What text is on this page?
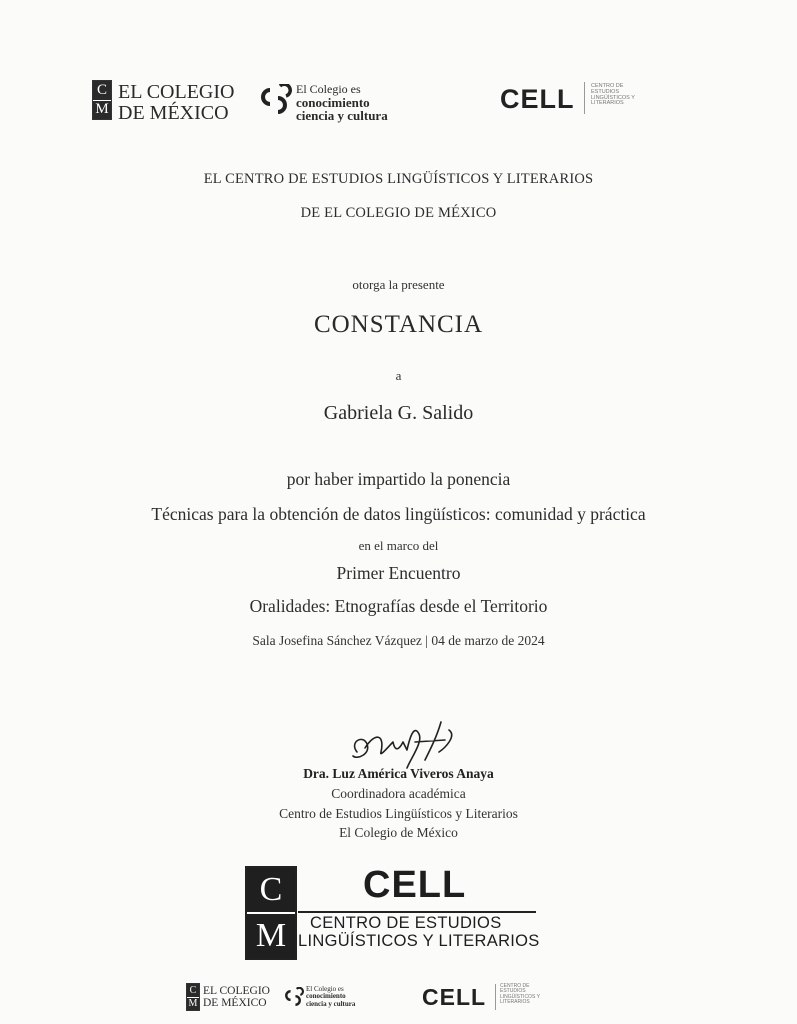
C
M
EL COLEGIO
DE MÉXICO
El Colegio es
conocimiento
ciencia y cultura
CELL	CENTRO DE
ESTUDIOS
LINGÜÍSTICOS Y
LITERARIOS
EL CENTRO DE ESTUDIOS LINGÜÍSTICOS Y LITERARIOS
DE EL COLEGIO DE MÉXICO
otorga la presente
CONSTANCIA
a
Gabriela G. Salido
por haber impartido la ponencia
Técnicas para la obtención de datos lingüísticos: comunidad y práctica
en el marco del
Primer Encuentro
Oralidades: Etnografías desde el Territorio
Sala Josefina Sánchez Vázquez | 04 de marzo de 2024
Dra. Luz América Viveros Anaya
Coordinadora académica
Centro de Estudios Lingüísticos y Literarios
El Colegio de México
C
M
CELL
CENTRO DE ESTUDIOS
LINGÜÍSTICOS Y LITERARIOS
C
M
EL COLEGIO
DE MÉXICO
El Colegio es
conocimiento
ciencia y cultura	CELL	CENTRO DE
ESTUDIOS
LINGÜÍSTICOS Y
LITERARIOS
